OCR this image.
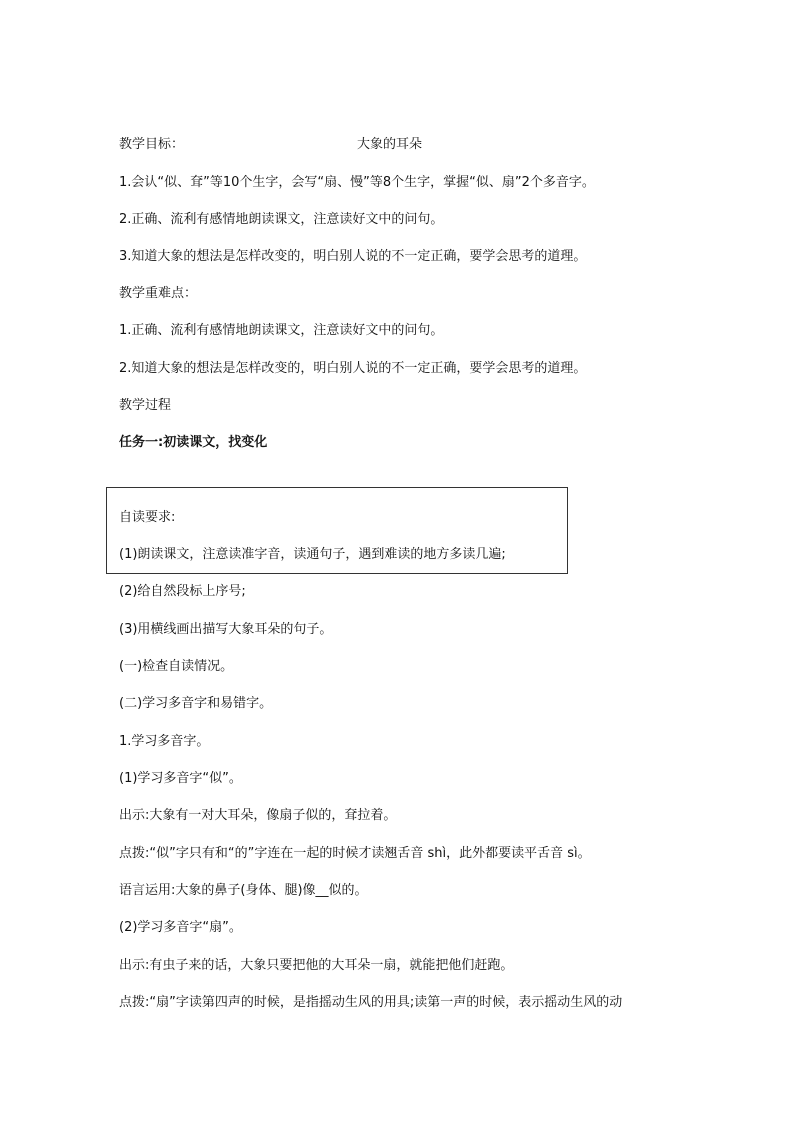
教学目标：	大象的耳朵
1.会认“似、耷”等10个生字，会写“扇、慢”等8个生字，掌握“似、扇”2个多音字。
2.正确、流利有感情地朗读课文，注意读好文中的问句。
3.知道大象的想法是怎样改变的，明白别人说的不一定正确，要学会思考的道理。
教学重难点：
1.正确、流利有感情地朗读课文，注意读好文中的问句。
2.知道大象的想法是怎样改变的，明白别人说的不一定正确，要学会思考的道理。
教学过程
任务一:初读课文，找变化
自读要求:
(1)朗读课文，注意读准字音，读通句子，遇到难读的地方多读几遍;
(2)给自然段标上序号;
(3)用横线画出描写大象耳朵的句子。
(一)检查自读情况。
(二)学习多音字和易错字。
1.学习多音字。
(1)学习多音字“似”。
出示:大象有一对大耳朵，像扇子似的，耷拉着。
点拨:“似”字只有和“的”字连在一起的时候才读翘舌音 shì，此外都要读平舌音 sì。
语言运用:大象的鼻子(身体、腿)像__似的。
(2)学习多音字“扇”。
出示:有虫子来的话，大象只要把他的大耳朵一扇，就能把他们赶跑。
点拨:“扇”字读第四声的时候，是指摇动生风的用具;读第一声的时候，表示摇动生风的动
